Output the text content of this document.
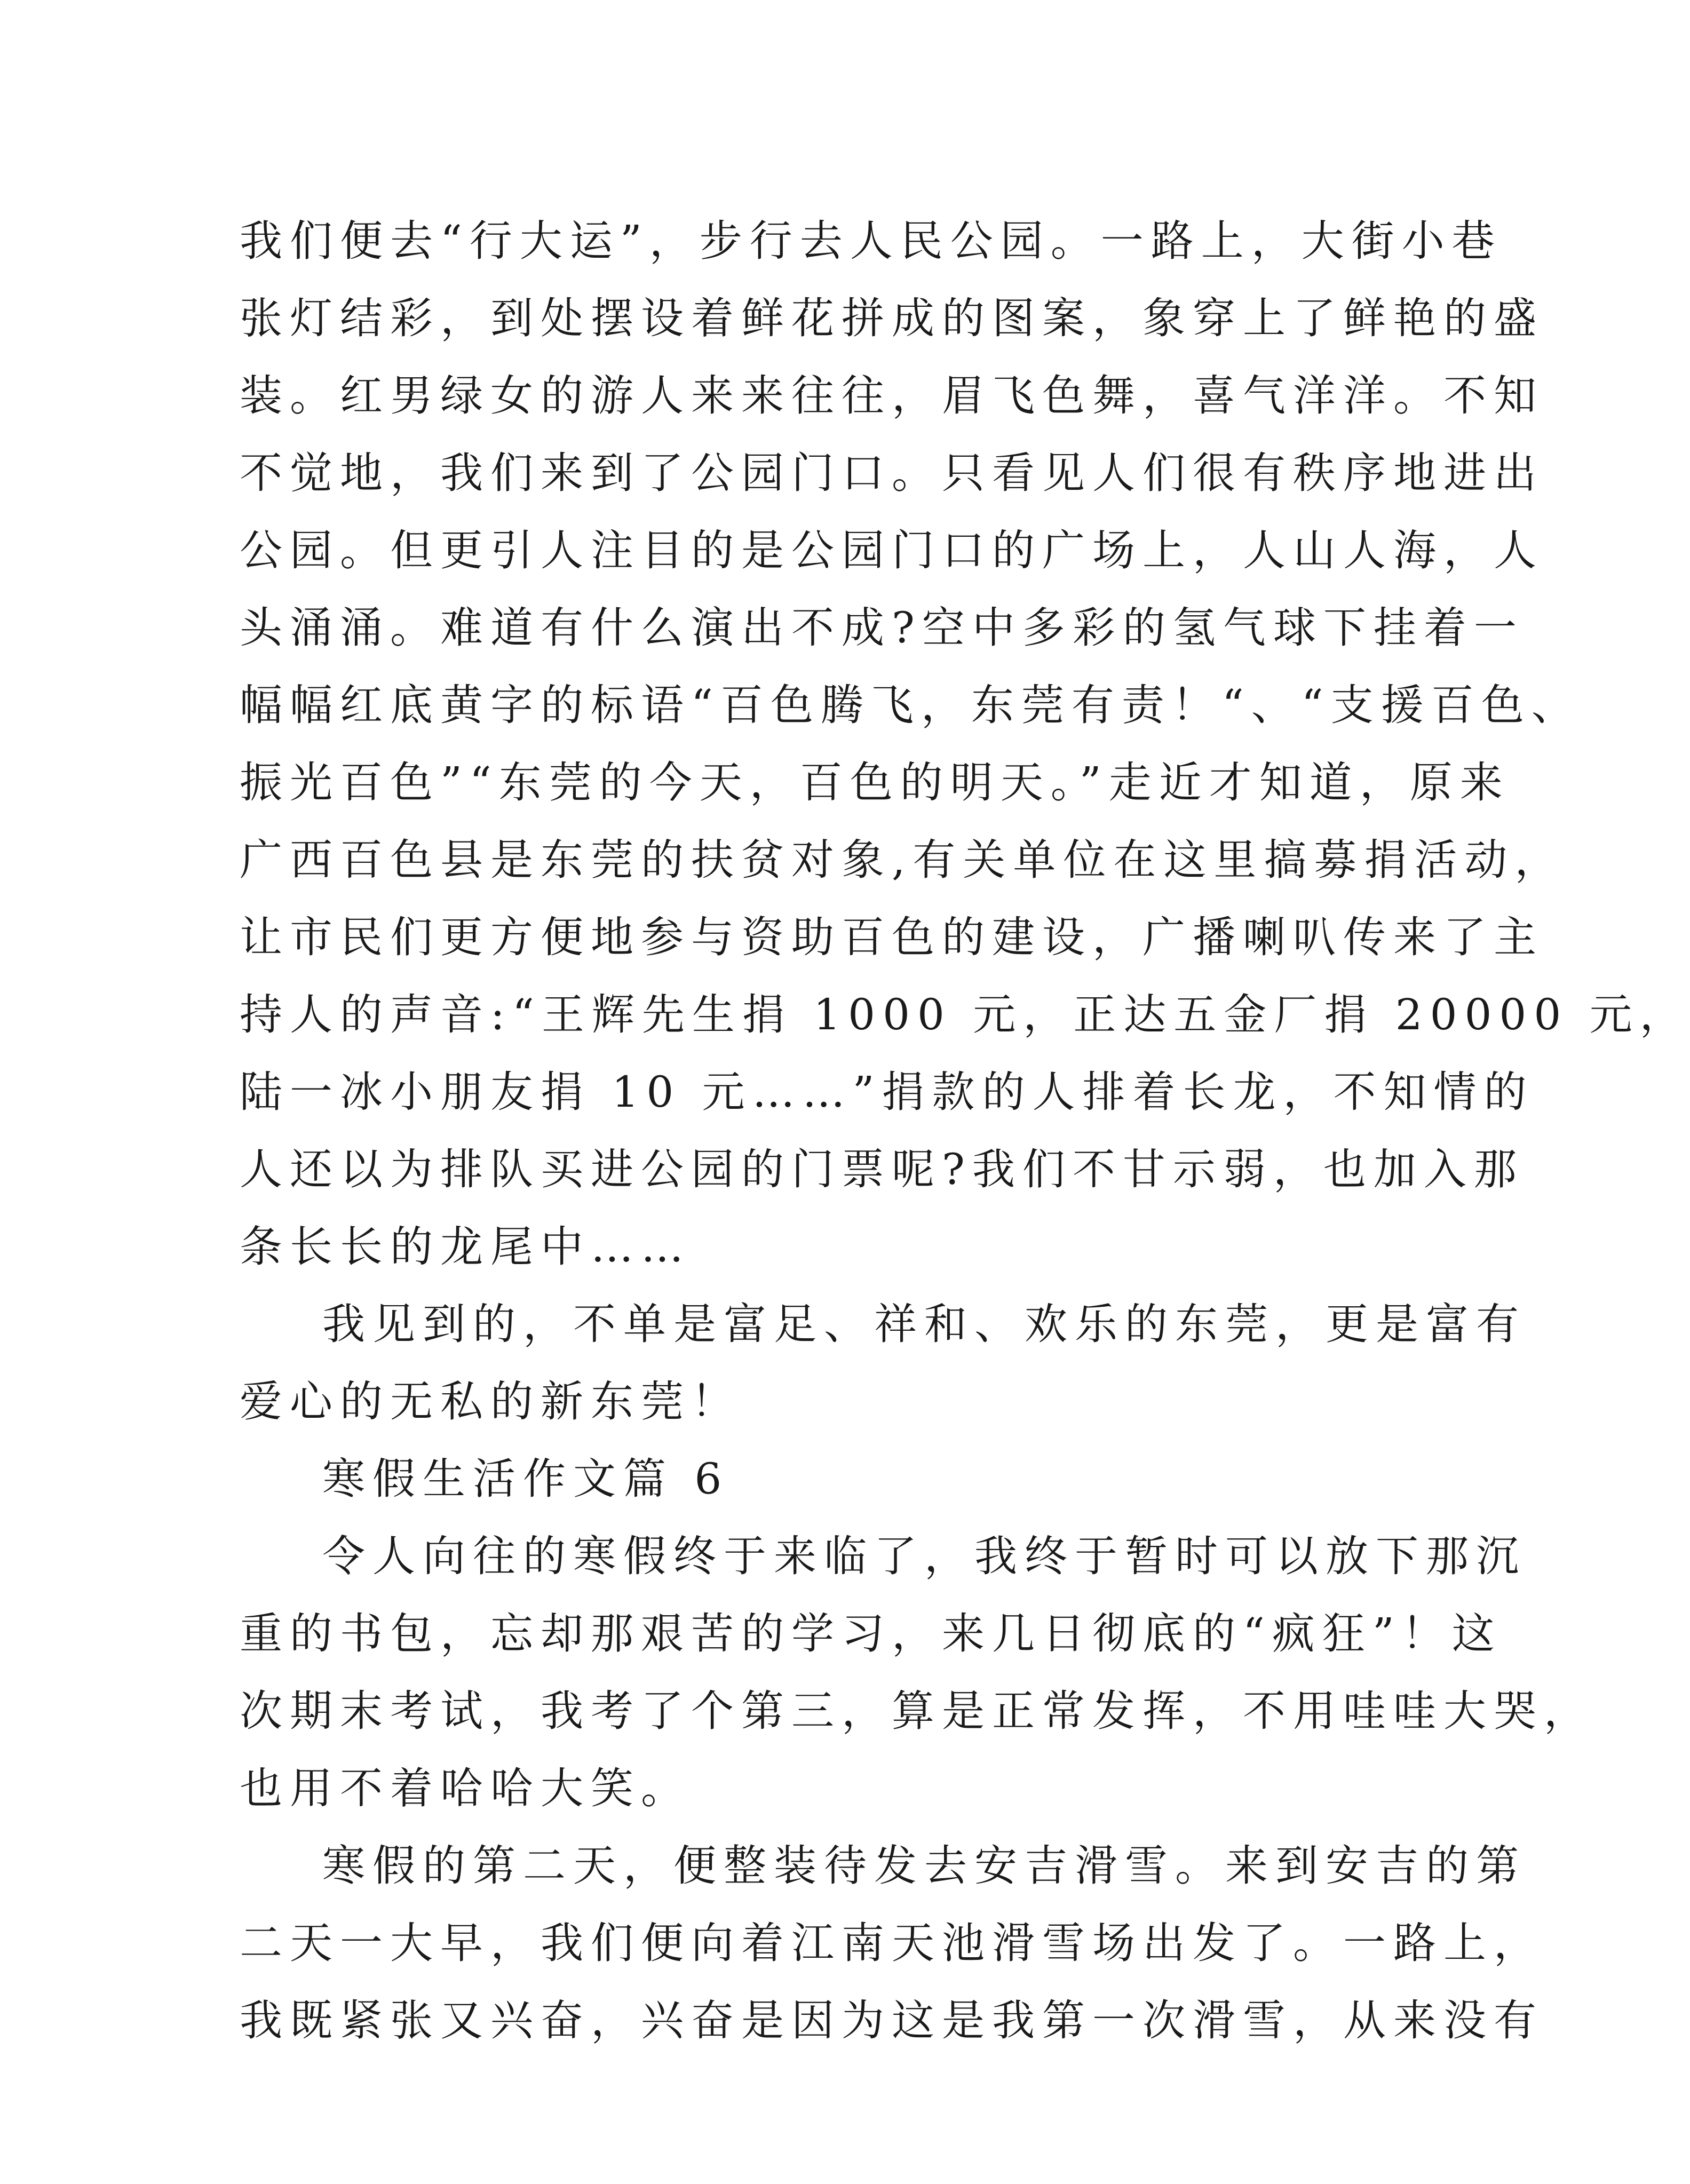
我们便去“行大运”，步行去人民公园。一路上，大街小巷
张灯结彩，到处摆设着鲜花拼成的图案，象穿上了鲜艳的盛
装。红男绿女的游人来来往往，眉飞色舞，喜气洋洋。不知
不觉地，我们来到了公园门口。只看见人们很有秩序地进出
公园。但更引人注目的是公园门口的广场上，人山人海，人
头涌涌。难道有什么演出不成?空中多彩的氢气球下挂着一
幅幅红底黄字的标语“百色腾飞，东莞有责！“、“支援百色、
振光百色”“东莞的今天，百色的明天。”走近才知道，原来
广西百色县是东莞的扶贫对象,有关单位在这里搞募捐活动，
让市民们更方便地参与资助百色的建设，广播喇叭传来了主
持人的声音:“王辉先生捐 1000 元，正达五金厂捐 20000 元，
陆一冰小朋友捐 10 元……”捐款的人排着长龙，不知情的
人还以为排队买进公园的门票呢?我们不甘示弱，也加入那
条长长的龙尾中……
我见到的，不单是富足、祥和、欢乐的东莞，更是富有
爱心的无私的新东莞！
寒假生活作文篇 6
令人向往的寒假终于来临了，我终于暂时可以放下那沉
重的书包，忘却那艰苦的学习，来几日彻底的“疯狂”！这
次期末考试，我考了个第三，算是正常发挥，不用哇哇大哭，
也用不着哈哈大笑。
寒假的第二天，便整装待发去安吉滑雪。来到安吉的第
二天一大早，我们便向着江南天池滑雪场出发了。一路上，
我既紧张又兴奋，兴奋是因为这是我第一次滑雪，从来没有
